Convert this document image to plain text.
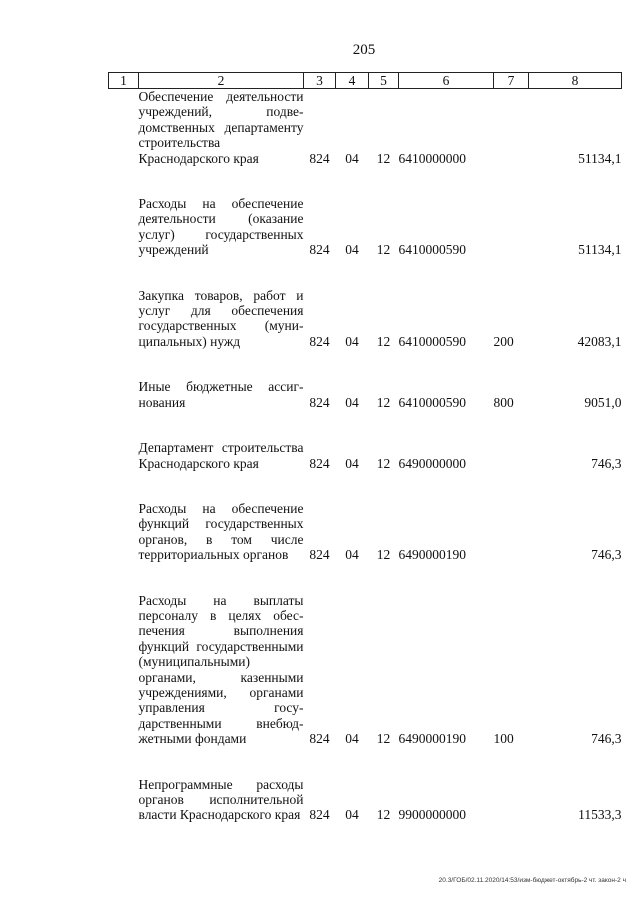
205
1	2	3	4	5	6	7	8
	Обеспечение деятельности учреждений, подведомственных департаменту строительства Краснодарского края	824	04	12	6410000000		51134,1

	Расходы на обеспечение деятельности (оказание услуг) государственных учреждений	824	04	12	6410000590		51134,1

	Закупка товаров, работ и услуг для обеспечения государственных (муниципальных) нужд	824	04	12	6410000590	200	42083,1

	Иные бюджетные ассигнования	824	04	12	6410000590	800	9051,0

	Департамент строительства Краснодарского края	824	04	12	6490000000		746,3

	Расходы на обеспечение функций государственных органов, в том числе территориальных органов	824	04	12	6490000190		746,3

	Расходы на выплаты персоналу в целях обеспечения выполнения функций государственными (муниципальными) органами, казенными учреждениями, органами управления государственными внебюджетными фондами	824	04	12	6490000190	100	746,3

	Непрограммные расходы органов исполнительной власти Краснодарского края	824	04	12	9900000000		11533,3
20.3/ГОБ/02.11.2020/14:53/изм-бюджет-октябрь-2 чт. закон-2 ч
